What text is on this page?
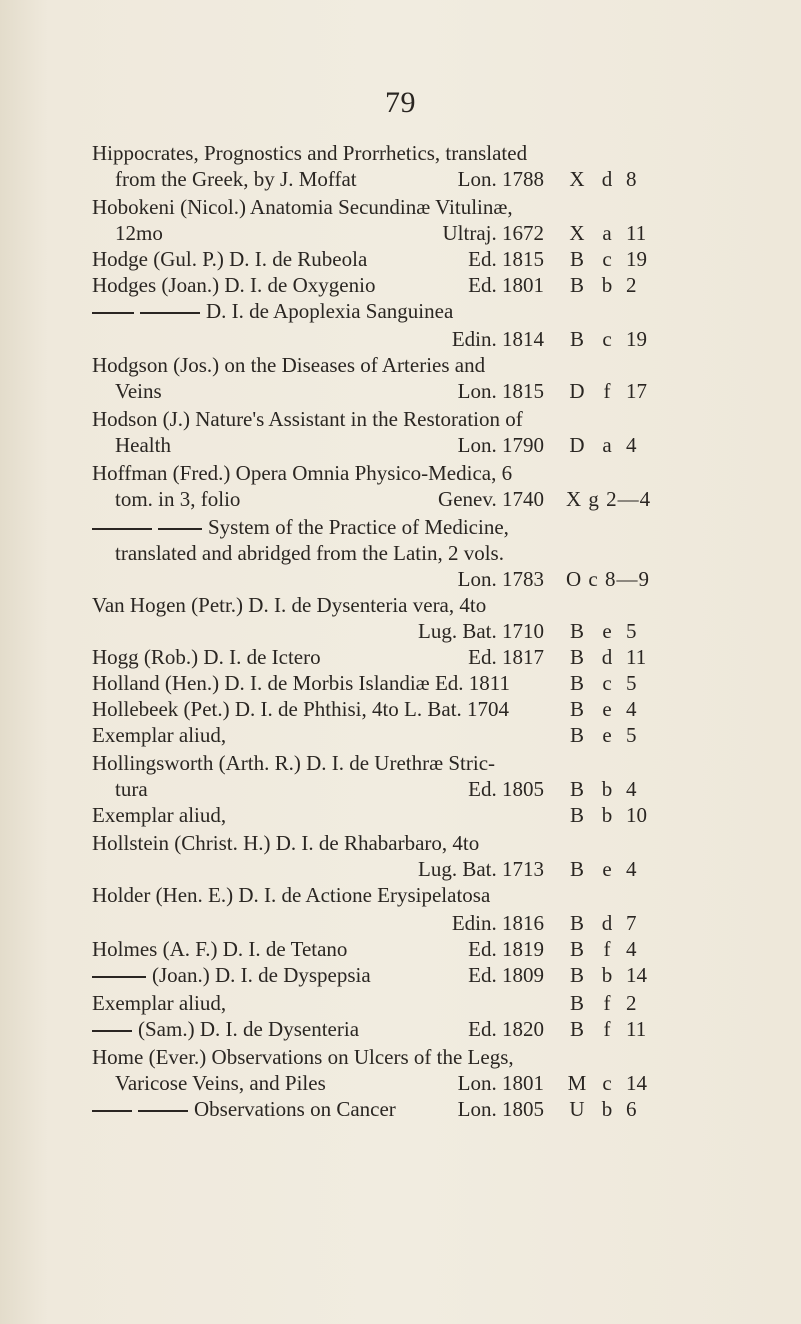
79
Hippocrates, Prognostics and Prorrhetics, translated
from the Greek, by J. Moffat	Lon. 1788 X d 8
Hobokeni (Nicol.) Anatomia Secundinæ Vitulinæ,
12mo	Ultraj. 1672 X a 11
Hodge (Gul. P.) D. I. de Rubeola	Ed. 1815 B c 19
Hodges (Joan.) D. I. de Oxygenio	Ed. 1801 B b 2
D. I. de Apoplexia Sanguinea
Edin. 1814 B c 19
Hodgson (Jos.) on the Diseases of Arteries and
Veins	Lon. 1815 D f 17
Hodson (J.) Nature's Assistant in the Restoration of
Health	Lon. 1790 D a 4
Hoffman (Fred.) Opera Omnia Physico-Medica, 6
tom. in 3, folio	Genev. 1740 X g 2—4
System of the Practice of Medicine,
translated and abridged from the Latin, 2 vols.
Lon. 1783 O c 8—9
Van Hogen (Petr.) D. I. de Dysenteria vera, 4to
Lug. Bat. 1710 B e 5
Hogg (Rob.) D. I. de Ictero	Ed. 1817 B d 11
Holland (Hen.) D. I. de Morbis Islandiæ Ed. 1811	B c 5
Hollebeek (Pet.) D. I. de Phthisi, 4to L. Bat. 1704	B e 4
Exemplar aliud,	B e 5
Hollingsworth (Arth. R.) D. I. de Urethræ Stric-
tura	Ed. 1805 B b 4
Exemplar aliud,	B b 10
Hollstein (Christ. H.) D. I. de Rhabarbaro, 4to
Lug. Bat. 1713 B e 4
Holder (Hen. E.) D. I. de Actione Erysipelatosa
Edin. 1816 B d 7
Holmes (A. F.) D. I. de Tetano	Ed. 1819 B f 4
(Joan.) D. I. de Dyspepsia	Ed. 1809 B b 14
Exemplar aliud,	B f 2
(Sam.) D. I. de Dysenteria	Ed. 1820 B f 11
Home (Ever.) Observations on Ulcers of the Legs,
Varicose Veins, and Piles	Lon. 1801 M c 14
Observations on Cancer	Lon. 1805 U b 6
